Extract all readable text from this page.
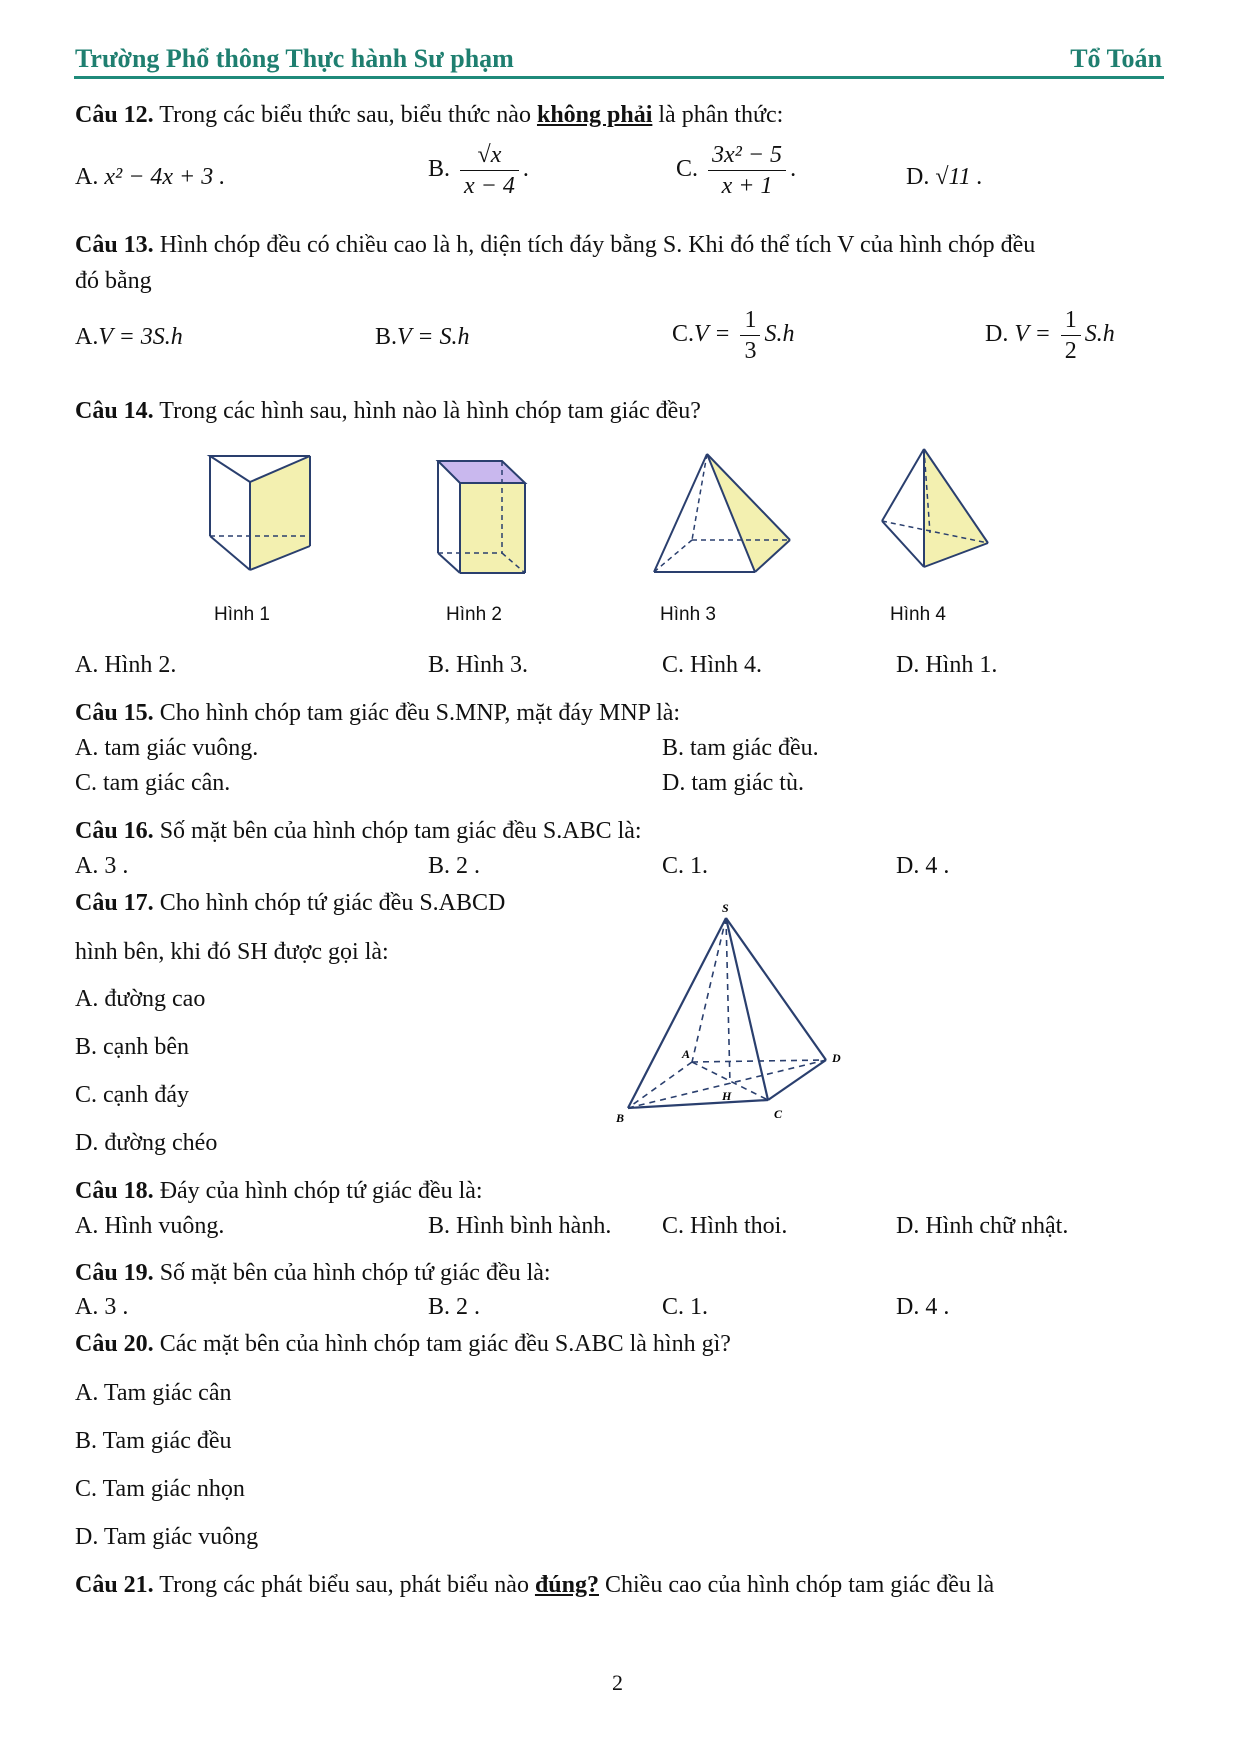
Trường Phổ thông Thực hành Sư phạm	Tổ Toán
Câu 12. Trong các biểu thức sau, biểu thức nào không phải là phân thức:
A. x² − 4x + 3 .	B. $\frac{√x}{x - 4}$ .	C. $\frac{\text{3x² − 5}}{x + 1}$ .	D. √11 .
Câu 13. Hình chóp đều có chiều cao là h, diện tích đáy bằng S. Khi đó thể tích V của hình chóp đều
đó bằng
A.V = 3S.h	B.V = S.h	$C.V = \frac{1}{3} S.h$	D. $V = \frac{1}{2} S.h$
Câu 14. Trong các hình sau, hình nào là hình chóp tam giác đều?
Hình 1	Hình 2	Hình 3	Hình 4
A. Hình 2.	B. Hình 3.	C. Hình 4.	D. Hình 1.
Câu 15. Cho hình chóp tam giác đều S.MNP, mặt đáy MNP là:
A. tam giác vuông.	B. tam giác đều.
C. tam giác cân.	D. tam giác tù.
Câu 16. Số mặt bên của hình chóp tam giác đều S.ABC là:
A. 3 .	B. 2 .	C. 1.	D. 4 .
Câu 17. Cho hình chóp tứ giác đều S.ABCD
hình bên, khi đó SH được gọi là:
A. đường cao
B. cạnh bên
C. cạnh đáy
D. đường chéo
S
A
B	C
D
H
Câu 18. Đáy của hình chóp tứ giác đều là:
A. Hình vuông.	B. Hình bình hành. C. Hình thoi.	D. Hình chữ nhật.
Câu 19. Số mặt bên của hình chóp tứ giác đều là:
A. 3 .	B. 2 .	C. 1.	D. 4 .
Câu 20. Các mặt bên của hình chóp tam giác đều S.ABC là hình gì?
A. Tam giác cân
B. Tam giác đều
C. Tam giác nhọn
D. Tam giác vuông
Câu 21. Trong các phát biểu sau, phát biểu nào đúng? Chiều cao của hình chóp tam giác đều là
2
